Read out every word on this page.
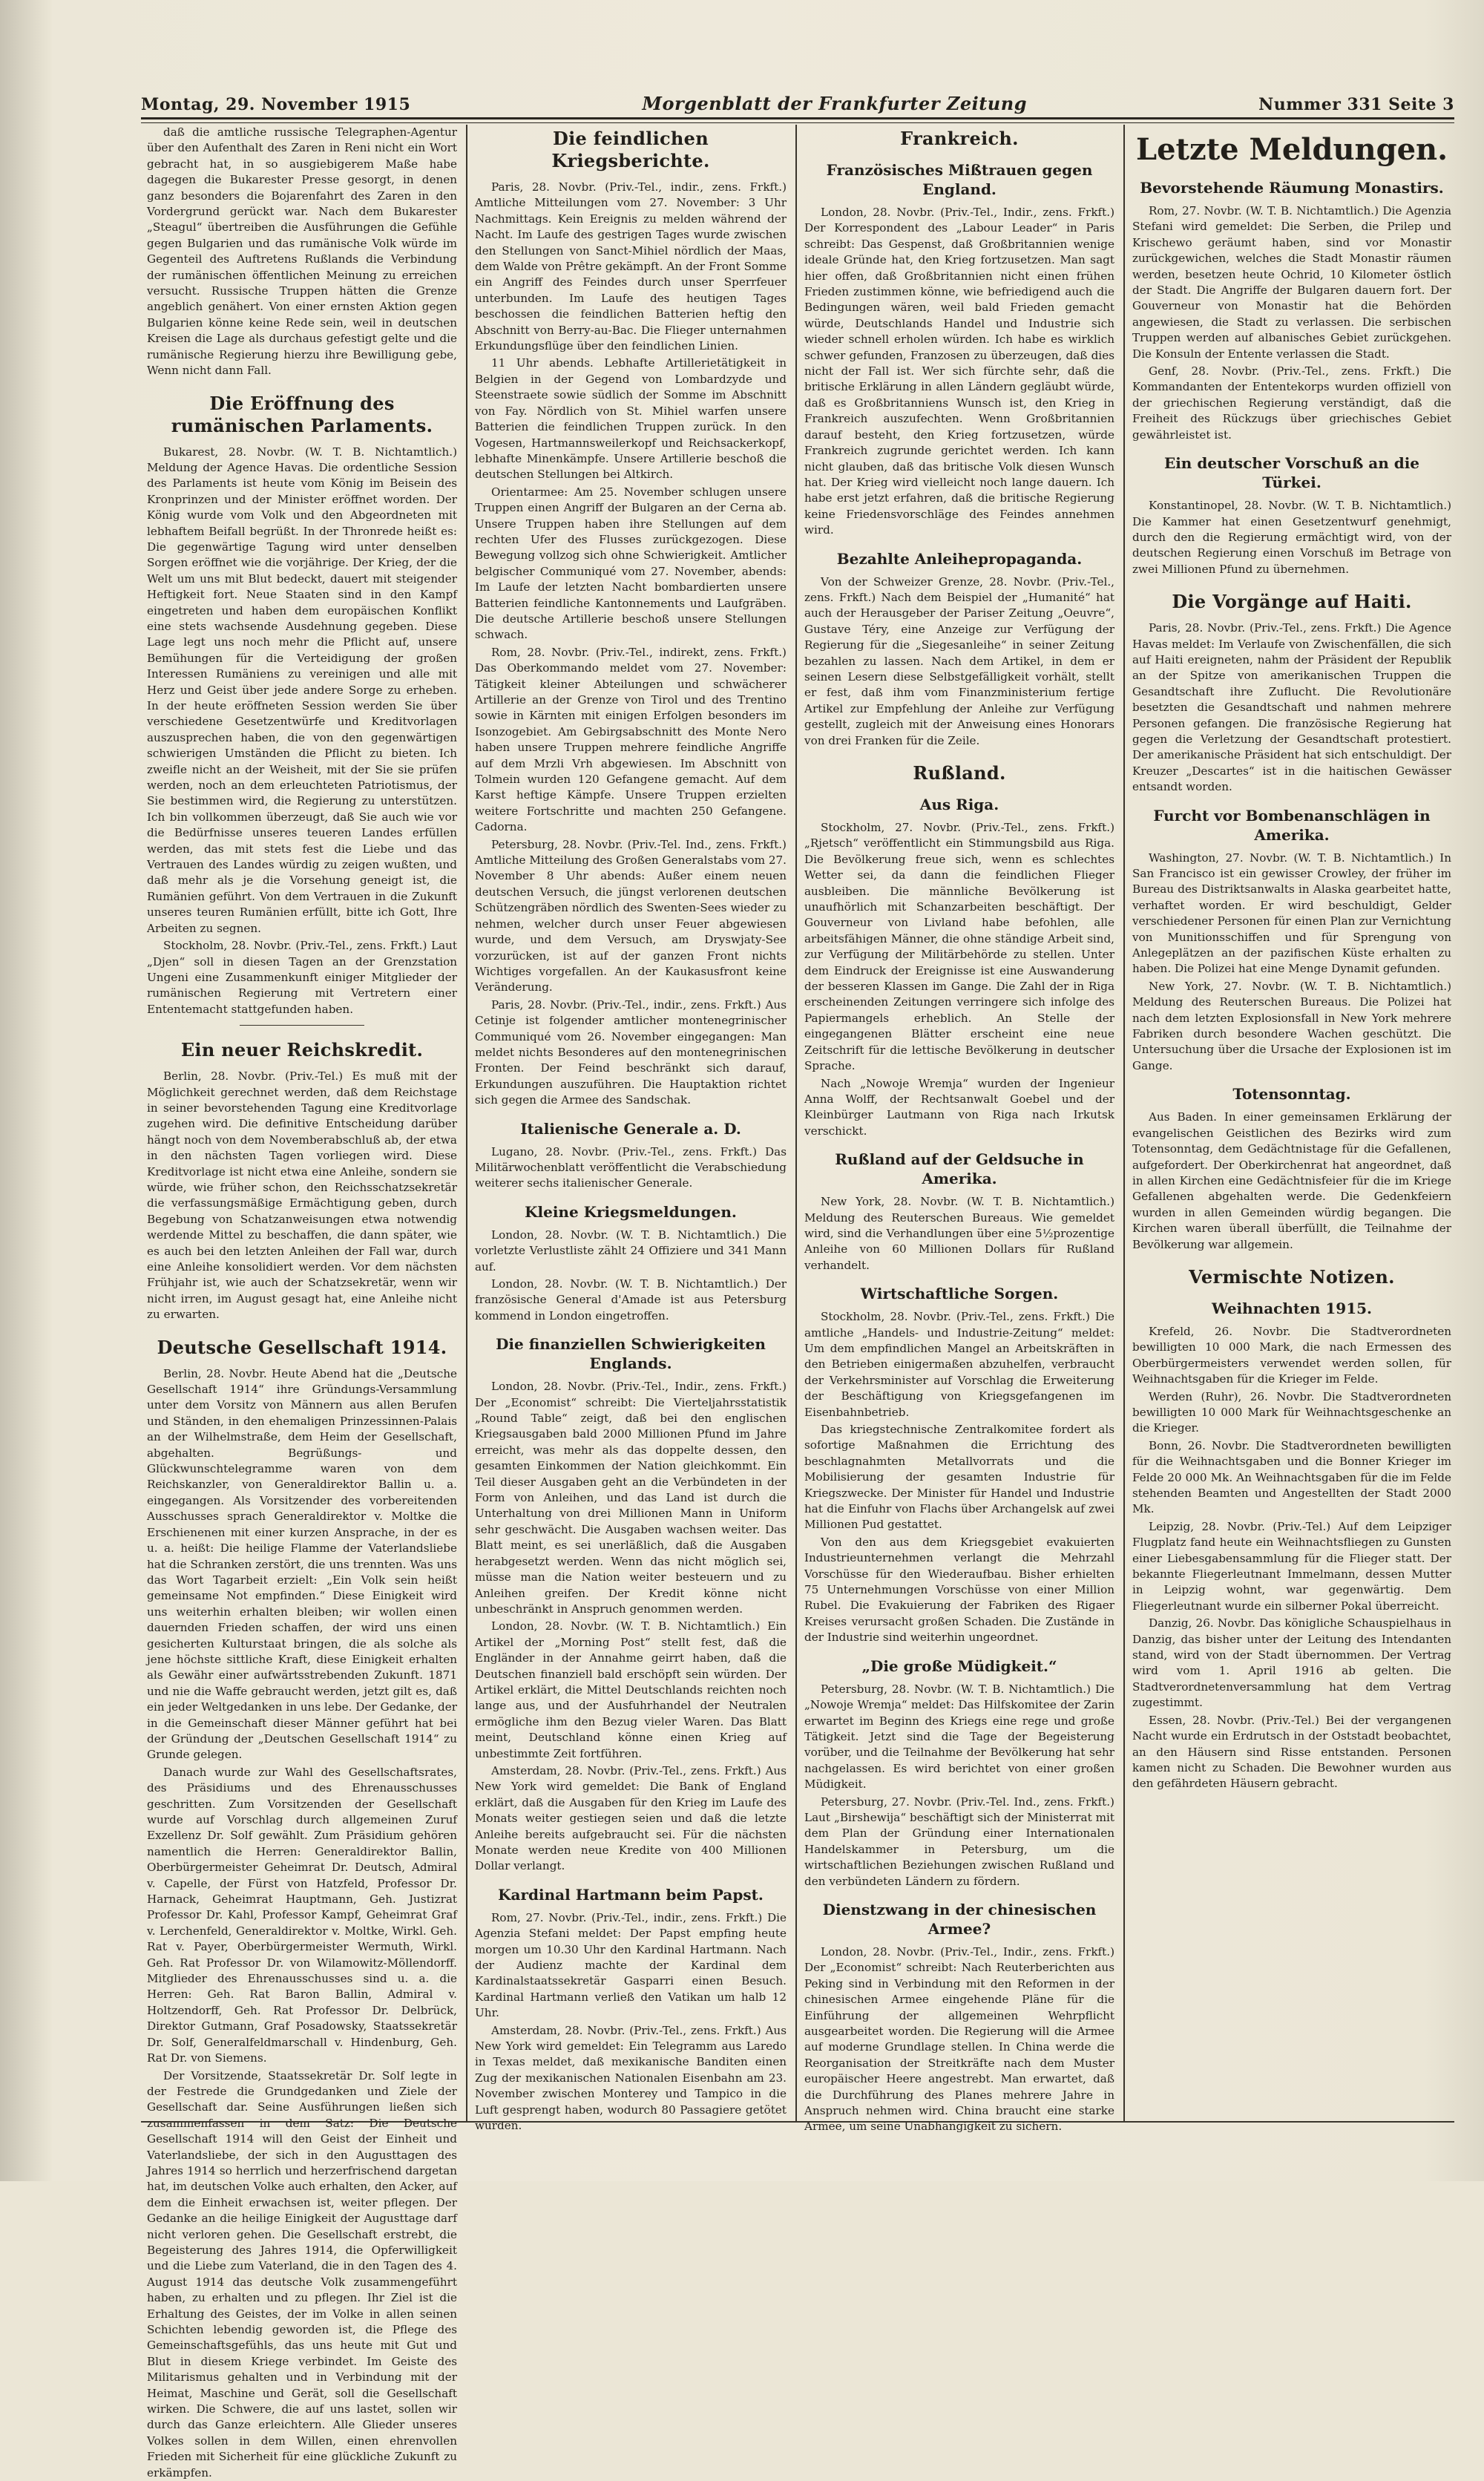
Montag, 29. November 1915	Morgenblatt der Frankfurter Zeitung	Nummer 331 Seite 3

daß die amtliche russische Telegraphen-Agentur über den Aufenthalt des Zaren in Reni nicht ein Wort gebracht hat, in so ausgiebigerem Maße habe dagegen die Bukarester Presse gesorgt, in denen ganz besonders die Bojarenfahrt des Zaren in den Vordergrund gerückt war. Nach dem Bukarester „Steagul“ übertreiben die Ausführungen die Gefühle gegen Bulgarien und das rumänische Volk würde im Gegenteil des Auftretens Rußlands die Verbindung der rumänischen öffentlichen Meinung zu erreichen versucht. Russische Truppen hätten die Grenze angeblich genähert. Von einer ernsten Aktion gegen Bulgarien könne keine Rede sein, weil in deutschen Kreisen die Lage als durchaus gefestigt gelte und die rumänische Regierung hierzu ihre Bewilligung gebe, Wenn nicht dann Fall.

Die Eröffnung des rumänischen Parlaments.

Bukarest, 28. Novbr. (W. T. B. Nichtamtlich.) Meldung der Agence Havas. Die ordentliche Session des Parlaments ist heute vom König im Beisein des Kronprinzen und der Minister eröffnet worden. Der König wurde vom Volk und den Abgeordneten mit lebhaftem Beifall begrüßt. In der Thronrede heißt es: Die gegenwärtige Tagung wird unter denselben Sorgen eröffnet wie die vorjährige. Der Krieg, der die Welt um uns mit Blut bedeckt, dauert mit steigender Heftigkeit fort. Neue Staaten sind in den Kampf eingetreten und haben dem europäischen Konflikt eine stets wachsende Ausdehnung gegeben. Diese Lage legt uns noch mehr die Pflicht auf, unsere Bemühungen für die Verteidigung der großen Interessen Rumäniens zu vereinigen und alle mit Herz und Geist über jede andere Sorge zu erheben. In der heute eröffneten Session werden Sie über verschiedene Gesetzentwürfe und Kreditvorlagen auszusprechen haben, die von den gegenwärtigen schwierigen Umständen die Pflicht zu bieten. Ich zweifle nicht an der Weisheit, mit der Sie sie prüfen werden, noch an dem erleuchteten Patriotismus, der Sie bestimmen wird, die Regierung zu unterstützen. Ich bin vollkommen überzeugt, daß Sie auch wie vor die Bedürfnisse unseres teueren Landes erfüllen werden, das mit stets fest die Liebe und das Vertrauen des Landes würdig zu zeigen wußten, und daß mehr als je die Vorsehung geneigt ist, die Rumänien geführt. Von dem Vertrauen in die Zukunft unseres teuren Rumänien erfüllt, bitte ich Gott, Ihre Arbeiten zu segnen.

Stockholm, 28. Novbr. (Priv.-Tel., zens. Frkft.) Laut „Djen“ soll in diesen Tagen an der Grenzstation Ungeni eine Zusammenkunft einiger Mitglieder der rumänischen Regierung mit Vertretern einer Ententemacht stattgefunden haben.

Ein neuer Reichskredit.

Berlin, 28. Novbr. (Priv.-Tel.) Es muß mit der Möglichkeit gerechnet werden, daß dem Reichstage in seiner bevorstehenden Tagung eine Kreditvorlage zugehen wird. Die definitive Entscheidung darüber hängt noch von dem Novemberabschluß ab, der etwa in den nächsten Tagen vorliegen wird. Diese Kreditvorlage ist nicht etwa eine Anleihe, sondern sie würde, wie früher schon, den Reichsschatzsekretär die verfassungsmäßige Ermächtigung geben, durch Begebung von Schatzanweisungen etwa notwendig werdende Mittel zu beschaffen, die dann später, wie es auch bei den letzten Anleihen der Fall war, durch eine Anleihe konsolidiert werden. Vor dem nächsten Frühjahr ist, wie auch der Schatzsekretär, wenn wir nicht irren, im August gesagt hat, eine Anleihe nicht zu erwarten.

Deutsche Gesellschaft 1914.

Berlin, 28. Novbr. Heute Abend hat die „Deutsche Gesellschaft 1914“ ihre Gründungs-Versammlung unter dem Vorsitz von Männern aus allen Berufen und Ständen, in den ehemaligen Prinzessinnen-Palais an der Wilhelmstraße, dem Heim der Gesellschaft, abgehalten. Begrüßungs- und Glückwunschtelegramme waren von dem Reichskanzler, von Generaldirektor Ballin u. a. eingegangen. Als Vorsitzender des vorbereitenden Ausschusses sprach Generaldirektor v. Moltke die Erschienenen mit einer kurzen Ansprache, in der es u. a. heißt: Die heilige Flamme der Vaterlandsliebe hat die Schranken zerstört, die uns trennten. Was uns das Wort Tagarbeit erzielt: „Ein Volk sein heißt gemeinsame Not empfinden.“ Diese Einigkeit wird uns weiterhin erhalten bleiben; wir wollen einen dauernden Frieden schaffen, der wird uns einen gesicherten Kulturstaat bringen, die als solche als jene höchste sittliche Kraft, diese Einigkeit erhalten als Gewähr einer aufwärtsstrebenden Zukunft. 1871 und nie die Waffe gebraucht werden, jetzt gilt es, daß ein jeder Weltgedanken in uns lebe. Der Gedanke, der in die Gemeinschaft dieser Männer geführt hat bei der Gründung der „Deutschen Gesellschaft 1914“ zu Grunde gelegen.

Danach wurde zur Wahl des Gesellschaftsrates, des Präsidiums und des Ehrenausschusses geschritten. Zum Vorsitzenden der Gesellschaft wurde auf Vorschlag durch allgemeinen Zuruf Exzellenz Dr. Solf gewählt. Zum Präsidium gehören namentlich die Herren: Generaldirektor Ballin, Oberbürgermeister Geheimrat Dr. Deutsch, Admiral v. Capelle, der Fürst von Hatzfeld, Professor Dr. Harnack, Geheimrat Hauptmann, Geh. Justizrat Professor Dr. Kahl, Professor Kampf, Geheimrat Graf v. Lerchenfeld, Generaldirektor v. Moltke, Wirkl. Geh. Rat v. Payer, Oberbürgermeister Wermuth, Wirkl. Geh. Rat Professor Dr. von Wilamowitz-Möllendorff. Mitglieder des Ehrenausschusses sind u. a. die Herren: Geh. Rat Baron Ballin, Admiral v. Holtzendorff, Geh. Rat Professor Dr. Delbrück, Direktor Gutmann, Graf Posadowsky, Staatssekretär Dr. Solf, Generalfeldmarschall v. Hindenburg, Geh. Rat Dr. von Siemens.

Der Vorsitzende, Staatssekretär Dr. Solf legte in der Festrede die Grundgedanken und Ziele der Gesellschaft dar. Seine Ausführungen ließen sich zusammenfassen in dem Satz: Die Deutsche Gesellschaft 1914 will den Geist der Einheit und Vaterlandsliebe, der sich in den Augusttagen des Jahres 1914 so herrlich und herzerfrischend dargetan hat, im deutschen Volke auch erhalten, den Acker, auf dem die Einheit erwachsen ist, weiter pflegen. Der Gedanke an die heilige Einigkeit der Augusttage darf nicht verloren gehen. Die Gesellschaft erstrebt, die Begeisterung des Jahres 1914, die Opferwilligkeit und die Liebe zum Vaterland, die in den Tagen des 4. August 1914 das deutsche Volk zusammengeführt haben, zu erhalten und zu pflegen. Ihr Ziel ist die Erhaltung des Geistes, der im Volke in allen seinen Schichten lebendig geworden ist, die Pflege des Gemeinschaftsgefühls, das uns heute mit Gut und Blut in diesem Kriege verbindet. Im Geiste des Militarismus gehalten und in Verbindung mit der Heimat, Maschine und Gerät, soll die Gesellschaft wirken. Die Schwere, die auf uns lastet, sollen wir durch das Ganze erleichtern. Alle Glieder unseres Volkes sollen in dem Willen, einen ehrenvollen Frieden mit Sicherheit für eine glückliche Zukunft zu erkämpfen.

Die feindlichen Kriegsberichte.

Paris, 28. Novbr. (Priv.-Tel., indir., zens. Frkft.) Amtliche Mitteilungen vom 27. November: 3 Uhr Nachmittags. Kein Ereignis zu melden während der Nacht. Im Laufe des gestrigen Tages wurde zwischen den Stellungen von Sanct-Mihiel nördlich der Maas, dem Walde von Prêtre gekämpft. An der Front Somme ein Angriff des Feindes durch unser Sperrfeuer unterbunden. Im Laufe des heutigen Tages beschossen die feindlichen Batterien heftig den Abschnitt von Berry-au-Bac. Die Flieger unternahmen Erkundungsflüge über den feindlichen Linien.

11 Uhr abends. Lebhafte Artillerietätigkeit in Belgien in der Gegend von Lombardzyde und Steenstraete sowie südlich der Somme im Abschnitt von Fay. Nördlich von St. Mihiel warfen unsere Batterien die feindlichen Truppen zurück. In den Vogesen, Hartmannsweilerkopf und Reichsackerkopf, lebhafte Minenkämpfe. Unsere Artillerie beschoß die deutschen Stellungen bei Altkirch.

Orientarmee: Am 25. November schlugen unsere Truppen einen Angriff der Bulgaren an der Cerna ab. Unsere Truppen haben ihre Stellungen auf dem rechten Ufer des Flusses zurückgezogen. Diese Bewegung vollzog sich ohne Schwierigkeit. Amtlicher belgischer Communiqué vom 27. November, abends: Im Laufe der letzten Nacht bombardierten unsere Batterien feindliche Kantonnements und Laufgräben. Die deutsche Artillerie beschoß unsere Stellungen schwach.

Rom, 28. Novbr. (Priv.-Tel., indirekt, zens. Frkft.) Das Oberkommando meldet vom 27. November: Tätigkeit kleiner Abteilungen und schwächerer Artillerie an der Grenze von Tirol und des Trentino sowie in Kärnten mit einigen Erfolgen besonders im Isonzogebiet. Am Gebirgsabschnitt des Monte Nero haben unsere Truppen mehrere feindliche Angriffe auf dem Mrzli Vrh abgewiesen. Im Abschnitt von Tolmein wurden 120 Gefangene gemacht. Auf dem Karst heftige Kämpfe. Unsere Truppen erzielten weitere Fortschritte und machten 250 Gefangene. Cadorna.

Petersburg, 28. Novbr. (Priv.-Tel. Ind., zens. Frkft.) Amtliche Mitteilung des Großen Generalstabs vom 27. November 8 Uhr abends: Außer einem neuen deutschen Versuch, die jüngst verlorenen deutschen Schützengräben nördlich des Swenten-Sees wieder zu nehmen, welcher durch unser Feuer abgewiesen wurde, und dem Versuch, am Dryswjaty-See vorzurücken, ist auf der ganzen Front nichts Wichtiges vorgefallen. An der Kaukasusfront keine Veränderung.

Paris, 28. Novbr. (Priv.-Tel., indir., zens. Frkft.) Aus Cetinje ist folgender amtlicher montenegrinischer Communiqué vom 26. November eingegangen: Man meldet nichts Besonderes auf den montenegrinischen Fronten. Der Feind beschränkt sich darauf, Erkundungen auszuführen. Die Hauptaktion richtet sich gegen die Armee des Sandschak.

Italienische Generale a. D.

Lugano, 28. Novbr. (Priv.-Tel., zens. Frkft.) Das Militärwochenblatt veröffentlicht die Verabschiedung weiterer sechs italienischer Generale.

Kleine Kriegsmeldungen.

London, 28. Novbr. (W. T. B. Nichtamtlich.) Die vorletzte Verlustliste zählt 24 Offiziere und 341 Mann auf.

London, 28. Novbr. (W. T. B. Nichtamtlich.) Der französische General d'Amade ist aus Petersburg kommend in London eingetroffen.

Die finanziellen Schwierigkeiten Englands.

London, 28. Novbr. (Priv.-Tel., Indir., zens. Frkft.) Der „Economist“ schreibt: Die Vierteljahrsstatistik „Round Table“ zeigt, daß bei den englischen Kriegsausgaben bald 2000 Millionen Pfund im Jahre erreicht, was mehr als das doppelte dessen, den gesamten Einkommen der Nation gleichkommt. Ein Teil dieser Ausgaben geht an die Verbündeten in der Form von Anleihen, und das Land ist durch die Unterhaltung von drei Millionen Mann in Uniform sehr geschwächt. Die Ausgaben wachsen weiter. Das Blatt meint, es sei unerläßlich, daß die Ausgaben herabgesetzt werden. Wenn das nicht möglich sei, müsse man die Nation weiter besteuern und zu Anleihen greifen. Der Kredit könne nicht unbeschränkt in Anspruch genommen werden.

London, 28. Novbr. (W. T. B. Nichtamtlich.) Ein Artikel der „Morning Post“ stellt fest, daß die Engländer in der Annahme geirrt haben, daß die Deutschen finanziell bald erschöpft sein würden. Der Artikel erklärt, die Mittel Deutschlands reichten noch lange aus, und der Ausfuhrhandel der Neutralen ermögliche ihm den Bezug vieler Waren. Das Blatt meint, Deutschland könne einen Krieg auf unbestimmte Zeit fortführen.

Amsterdam, 28. Novbr. (Priv.-Tel., zens. Frkft.) Aus New York wird gemeldet: Die Bank of England erklärt, daß die Ausgaben für den Krieg im Laufe des Monats weiter gestiegen seien und daß die letzte Anleihe bereits aufgebraucht sei. Für die nächsten Monate werden neue Kredite von 400 Millionen Dollar verlangt.

Kardinal Hartmann beim Papst.

Rom, 27. Novbr. (Priv.-Tel., indir., zens. Frkft.) Die Agenzia Stefani meldet: Der Papst empfing heute morgen um 10.30 Uhr den Kardinal Hartmann. Nach der Audienz machte der Kardinal dem Kardinalstaatssekretär Gasparri einen Besuch. Kardinal Hartmann verließ den Vatikan um halb 12 Uhr.

Amsterdam, 28. Novbr. (Priv.-Tel., zens. Frkft.) Aus New York wird gemeldet: Ein Telegramm aus Laredo in Texas meldet, daß mexikanische Banditen einen Zug der mexikanischen Nationalen Eisenbahn am 23. November zwischen Monterey und Tampico in die Luft gesprengt haben, wodurch 80 Passagiere getötet wurden.

Frankreich.
Französisches Mißtrauen gegen England.

London, 28. Novbr. (Priv.-Tel., Indir., zens. Frkft.) Der Korrespondent des „Labour Leader“ in Paris schreibt: Das Gespenst, daß Großbritannien wenige ideale Gründe hat, den Krieg fortzusetzen. Man sagt hier offen, daß Großbritannien nicht einen frühen Frieden zustimmen könne, wie befriedigend auch die Bedingungen wären, weil bald Frieden gemacht würde, Deutschlands Handel und Industrie sich wieder schnell erholen würden. Ich habe es wirklich schwer gefunden, Franzosen zu überzeugen, daß dies nicht der Fall ist. Wer sich fürchte sehr, daß die britische Erklärung in allen Ländern gegläubt würde, daß es Großbritanniens Wunsch ist, den Krieg in Frankreich auszufechten. Wenn Großbritannien darauf besteht, den Krieg fortzusetzen, würde Frankreich zugrunde gerichtet werden. Ich kann nicht glauben, daß das britische Volk diesen Wunsch hat. Der Krieg wird vielleicht noch lange dauern. Ich habe erst jetzt erfahren, daß die britische Regierung keine Friedensvorschläge des Feindes annehmen wird.

Bezahlte Anleihepropaganda.

Von der Schweizer Grenze, 28. Novbr. (Priv.-Tel., zens. Frkft.) Nach dem Beispiel der „Humanité“ hat auch der Herausgeber der Pariser Zeitung „Oeuvre“, Gustave Téry, eine Anzeige zur Verfügung der Regierung für die „Siegesanleihe“ in seiner Zeitung bezahlen zu lassen. Nach dem Artikel, in dem er seinen Lesern diese Selbstgefälligkeit vorhält, stellt er fest, daß ihm vom Finanzministerium fertige Artikel zur Empfehlung der Anleihe zur Verfügung gestellt, zugleich mit der Anweisung eines Honorars von drei Franken für die Zeile.

Rußland.
Aus Riga.

Stockholm, 27. Novbr. (Priv.-Tel., zens. Frkft.) „Rjetsch“ veröffentlicht ein Stimmungsbild aus Riga. Die Bevölkerung freue sich, wenn es schlechtes Wetter sei, da dann die feindlichen Flieger ausbleiben. Die männliche Bevölkerung ist unaufhörlich mit Schanzarbeiten beschäftigt. Der Gouverneur von Livland habe befohlen, alle arbeitsfähigen Männer, die ohne ständige Arbeit sind, zur Verfügung der Militärbehörde zu stellen. Unter dem Eindruck der Ereignisse ist eine Auswanderung der besseren Klassen im Gange. Die Zahl der in Riga erscheinenden Zeitungen verringere sich infolge des Papiermangels erheblich. An Stelle der eingegangenen Blätter erscheint eine neue Zeitschrift für die lettische Bevölkerung in deutscher Sprache.

Nach „Nowoje Wremja“ wurden der Ingenieur Anna Wolff, der Rechtsanwalt Goebel und der Kleinbürger Lautmann von Riga nach Irkutsk verschickt.

Rußland auf der Geldsuche in Amerika.

New York, 28. Novbr. (W. T. B. Nichtamtlich.) Meldung des Reuterschen Bureaus. Wie gemeldet wird, sind die Verhandlungen über eine 5½prozentige Anleihe von 60 Millionen Dollars für Rußland verhandelt.

Wirtschaftliche Sorgen.

Stockholm, 28. Novbr. (Priv.-Tel., zens. Frkft.) Die amtliche „Handels- und Industrie-Zeitung“ meldet: Um dem empfindlichen Mangel an Arbeitskräften in den Betrieben einigermaßen abzuhelfen, verbraucht der Verkehrsminister auf Vorschlag die Erweiterung der Beschäftigung von Kriegsgefangenen im Eisenbahnbetrieb.

Das kriegstechnische Zentralkomitee fordert als sofortige Maßnahmen die Errichtung des beschlagnahmten Metallvorrats und die Mobilisierung der gesamten Industrie für Kriegszwecke. Der Minister für Handel und Industrie hat die Einfuhr von Flachs über Archangelsk auf zwei Millionen Pud gestattet.

Von den aus dem Kriegsgebiet evakuierten Industrieunternehmen verlangt die Mehrzahl Vorschüsse für den Wiederaufbau. Bisher erhielten 75 Unternehmungen Vorschüsse von einer Million Rubel. Die Evakuierung der Fabriken des Rigaer Kreises verursacht großen Schaden. Die Zustände in der Industrie sind weiterhin ungeordnet.

„Die große Müdigkeit.“

Petersburg, 28. Novbr. (W. T. B. Nichtamtlich.) Die „Nowoje Wremja“ meldet: Das Hilfskomitee der Zarin erwartet im Beginn des Kriegs eine rege und große Tätigkeit. Jetzt sind die Tage der Begeisterung vorüber, und die Teilnahme der Bevölkerung hat sehr nachgelassen. Es wird berichtet von einer großen Müdigkeit.

Petersburg, 27. Novbr. (Priv.-Tel. Ind., zens. Frkft.) Laut „Birshewija“ beschäftigt sich der Ministerrat mit dem Plan der Gründung einer Internationalen Handelskammer in Petersburg, um die wirtschaftlichen Beziehungen zwischen Rußland und den verbündeten Ländern zu fördern.

Dienstzwang in der chinesischen Armee?

London, 28. Novbr. (Priv.-Tel., Indir., zens. Frkft.) Der „Economist“ schreibt: Nach Reuterberichten aus Peking sind in Verbindung mit den Reformen in der chinesischen Armee eingehende Pläne für die Einführung der allgemeinen Wehrpflicht ausgearbeitet worden. Die Regierung will die Armee auf moderne Grundlage stellen. In China werde die Reorganisation der Streitkräfte nach dem Muster europäischer Heere angestrebt. Man erwartet, daß die Durchführung des Planes mehrere Jahre in Anspruch nehmen wird. China braucht eine starke Armee, um seine Unabhängigkeit zu sichern.

Letzte Meldungen.
Bevorstehende Räumung Monastirs.

Rom, 27. Novbr. (W. T. B. Nichtamtlich.) Die Agenzia Stefani wird gemeldet: Die Serben, die Prilep und Krischewo geräumt haben, sind vor Monastir zurückgewichen, welches die Stadt Monastir räumen werden, besetzen heute Ochrid, 10 Kilometer östlich der Stadt. Die Angriffe der Bulgaren dauern fort. Der Gouverneur von Monastir hat die Behörden angewiesen, die Stadt zu verlassen. Die serbischen Truppen werden auf albanisches Gebiet zurückgehen. Die Konsuln der Entente verlassen die Stadt.

Genf, 28. Novbr. (Priv.-Tel., zens. Frkft.) Die Kommandanten der Ententekorps wurden offiziell von der griechischen Regierung verständigt, daß die Freiheit des Rückzugs über griechisches Gebiet gewährleistet ist.

Ein deutscher Vorschuß an die Türkei.

Konstantinopel, 28. Novbr. (W. T. B. Nichtamtlich.) Die Kammer hat einen Gesetzentwurf genehmigt, durch den die Regierung ermächtigt wird, von der deutschen Regierung einen Vorschuß im Betrage von zwei Millionen Pfund zu übernehmen.

Die Vorgänge auf Haiti.

Paris, 28. Novbr. (Priv.-Tel., zens. Frkft.) Die Agence Havas meldet: Im Verlaufe von Zwischenfällen, die sich auf Haiti ereigneten, nahm der Präsident der Republik an der Spitze von amerikanischen Truppen die Gesandtschaft ihre Zuflucht. Die Revolutionäre besetzten die Gesandtschaft und nahmen mehrere Personen gefangen. Die französische Regierung hat gegen die Verletzung der Gesandtschaft protestiert. Der amerikanische Präsident hat sich entschuldigt. Der Kreuzer „Descartes“ ist in die haitischen Gewässer entsandt worden.

Furcht vor Bombenanschlägen in Amerika.

Washington, 27. Novbr. (W. T. B. Nichtamtlich.) In San Francisco ist ein gewisser Crowley, der früher im Bureau des Distriktsanwalts in Alaska gearbeitet hatte, verhaftet worden. Er wird beschuldigt, Gelder verschiedener Personen für einen Plan zur Vernichtung von Munitionsschiffen und für Sprengung von Anlegeplätzen an der pazifischen Küste erhalten zu haben. Die Polizei hat eine Menge Dynamit gefunden.

New York, 27. Novbr. (W. T. B. Nichtamtlich.) Meldung des Reuterschen Bureaus. Die Polizei hat nach dem letzten Explosionsfall in New York mehrere Fabriken durch besondere Wachen geschützt. Die Untersuchung über die Ursache der Explosionen ist im Gange.

Totensonntag.

Aus Baden. In einer gemeinsamen Erklärung der evangelischen Geistlichen des Bezirks wird zum Totensonntag, dem Gedächtnistage für die Gefallenen, aufgefordert. Der Oberkirchenrat hat angeordnet, daß in allen Kirchen eine Gedächtnisfeier für die im Kriege Gefallenen abgehalten werde. Die Gedenkfeiern wurden in allen Gemeinden würdig begangen. Die Kirchen waren überall überfüllt, die Teilnahme der Bevölkerung war allgemein.

Vermischte Notizen.
Weihnachten 1915.

Krefeld, 26. Novbr. Die Stadtverordneten bewilligten 10 000 Mark, die nach Ermessen des Oberbürgermeisters verwendet werden sollen, für Weihnachtsgaben für die Krieger im Felde.

Werden (Ruhr), 26. Novbr. Die Stadtverordneten bewilligten 10 000 Mark für Weihnachtsgeschenke an die Krieger.

Bonn, 26. Novbr. Die Stadtverordneten bewilligten für die Weihnachtsgaben und die Bonner Krieger im Felde 20 000 Mk. An Weihnachtsgaben für die im Felde stehenden Beamten und Angestellten der Stadt 2000 Mk.

Leipzig, 28. Novbr. (Priv.-Tel.) Auf dem Leipziger Flugplatz fand heute ein Weihnachtsfliegen zu Gunsten einer Liebesgabensammlung für die Flieger statt. Der bekannte Fliegerleutnant Immelmann, dessen Mutter in Leipzig wohnt, war gegenwärtig. Dem Fliegerleutnant wurde ein silberner Pokal überreicht.

Danzig, 26. Novbr. Das königliche Schauspielhaus in Danzig, das bisher unter der Leitung des Intendanten stand, wird von der Stadt übernommen. Der Vertrag wird vom 1. April 1916 ab gelten. Die Stadtverordnetenversammlung hat dem Vertrag zugestimmt.

Essen, 28. Novbr. (Priv.-Tel.) Bei der vergangenen Nacht wurde ein Erdrutsch in der Oststadt beobachtet, an den Häusern sind Risse entstanden. Personen kamen nicht zu Schaden. Die Bewohner wurden aus den gefährdeten Häusern gebracht.
